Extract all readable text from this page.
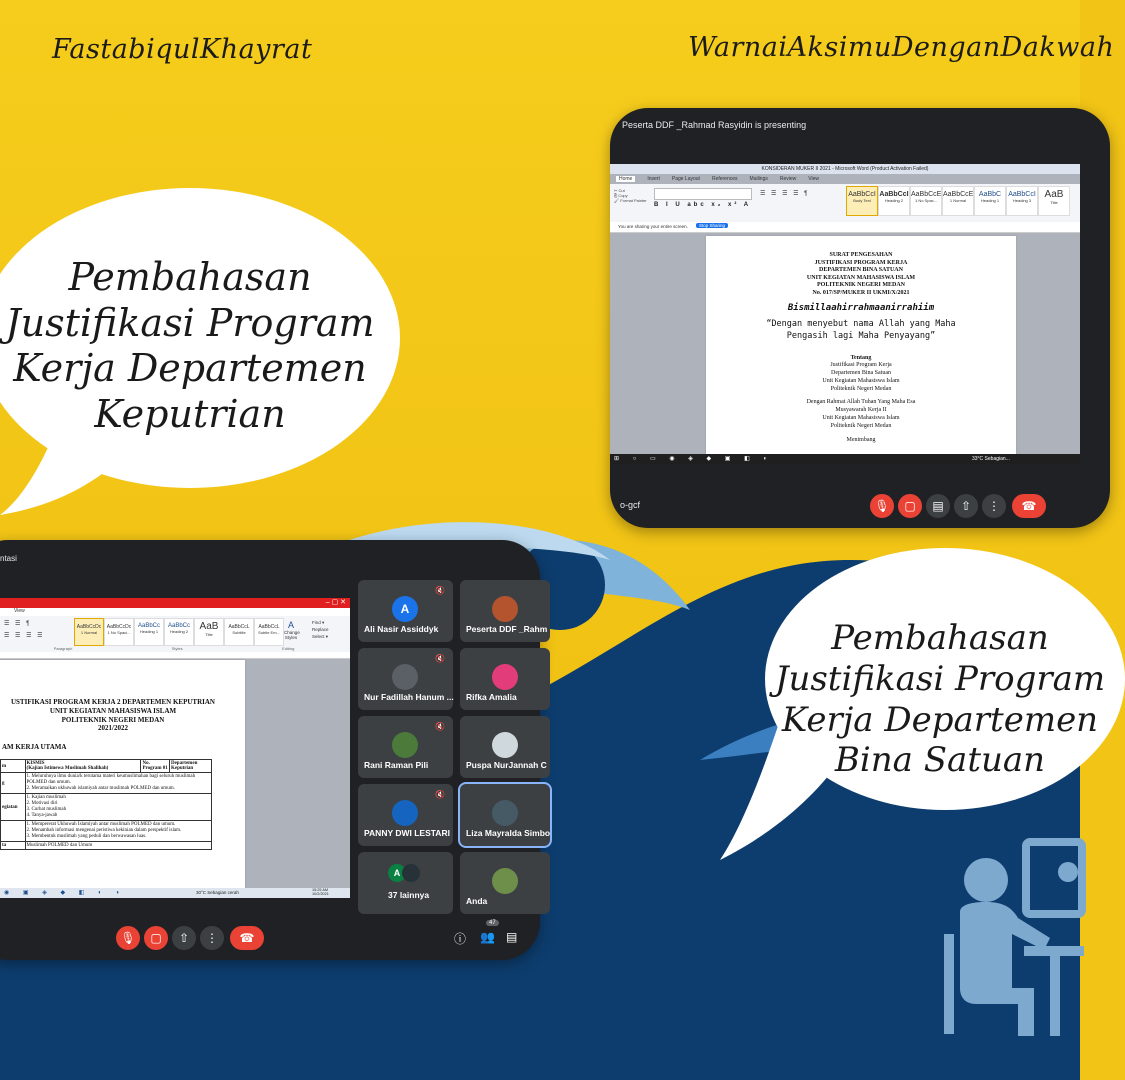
FastabiqulKhayrat	WarnaiAksimuDenganDakwah
Pembahasan
Justifikasi Program
Kerja Departemen
Keputrian
Pembahasan
Justifikasi Program
Kerja Departemen
Bina Satuan
Peserta DDF _Rahmad Rasyidin is presenting
KONSIDERAN MUKER II 2021 - Microsoft Word (Product Activation Failed)
Home	Insert Page Layout References Mailings Review View
✂ Cut
⎘ Copy
🖌 Format Painter
B I U abc x₂ x² A
☰ ☰ ☰ ☰ ¶	AaBbCcI
Body Text
AaBbCcI
Heading 2
AaBbCcE
1 No Spac...
AaBbCcE
1 Normal
AaBbC
Heading 1
AaBbCcI
Heading 3
AaB
Title
You are sharing your entire screen.	Stop Sharing
SURAT PENGESAHAN
JUSTIFIKASI PROGRAM KERJA
DEPARTEMEN BINA SATUAN
UNIT KEGIATAN MAHASISWA ISLAM
POLITEKNIK NEGERI MEDAN
No. 017/SP/MUKER II UKMI/X/2021
Bismillaahirrahmaanirrahiim
“Dengan menyebut nama Allah yang Maha
Pengasih lagi Maha Penyayang”
Tentang
Justifikasi Program Kerja
Departemen Bina Satuan
Unit Kegiatan Mahasiswa Islam
Politeknik Negeri Medan
Dengan Rahmat Allah Tuhan Yang Maha Esa
Musyawarah Kerja II
Unit Kegiatan Mahasiswa Islam
Politeknik Negeri Medan
Menimbang
⊞ ○ ▭ ◉ ◈ ◆ ▣ ◧ ◐	33°C Sebagian...
o-gcf	🎙	▢	▤	⇧	⋮	☎
ntasi
– ▢ ✕
View
☰ ☰ ¶
☰ ☰ ☰ ☰
AaBbCcDc
1 Normal
AaBbCcDc
1 No Spaci...
AaBbCc
Heading 1
AaBbCc
Heading 2	AaB
Title
AaBbCcL
Subtitle
AaBbCcL
Subtle Em...
A
Change Styles
Find ▾
Replace
Select ▾
Paragraph	Styles	Editing
USTIFIKASI PROGRAM KERJA 2 DEPARTEMEN KEPUTRIAN
UNIT KEGIATAN MAHASISWA ISLAM
POLITEKNIK NEGERI MEDAN
2021/2022
AM KERJA UTAMA
m	KISMIS
(Kajian Istimewa Muslimah Shalihah)	No. Program 01	Departemen Keputrian
g	1. Meluruhnya ilmu dunia/k terutama materi keumuslimahan bagi seluruh muslimah POLMED dan umum.
2. Meramaikan ukhuwah islamiyah antar muslimah POLMED dan umum.		

egiatan	1. Kajian muslimah
2. Motivasi diri
3. Curhat muslimah
4. Tanya-jawab		

	1. Mempererat Ukhuwah Islamiyah antar muslimah POLMED dan umum.
2. Menambah informasi mengenai peristiwa kekinian dalam perspektif islam.
3. Membentuk muslimah yang peduli dan berwawasan luas.		

ta	Muslimah POLMED dan Umum		
◉ ▣ ◈ ◆ ◧ ◐ ◑	30°C Sebagian cerah	15:25 AM
10/2/2021
A
🔇
Ali Nasir Assiddyk	Peserta DDF _Rahm
🔇
Nur Fadillah Hanum ... Rifka Amalia
🔇
Rani Raman Pili	Puspa NurJannah C
🔇
PANNY DWI LESTARI Liza Mayralda Simbo
A
37 lainnya
Anda
🎙	▢	⇧	⋮	☎	ⓘ 👥
47
▤
